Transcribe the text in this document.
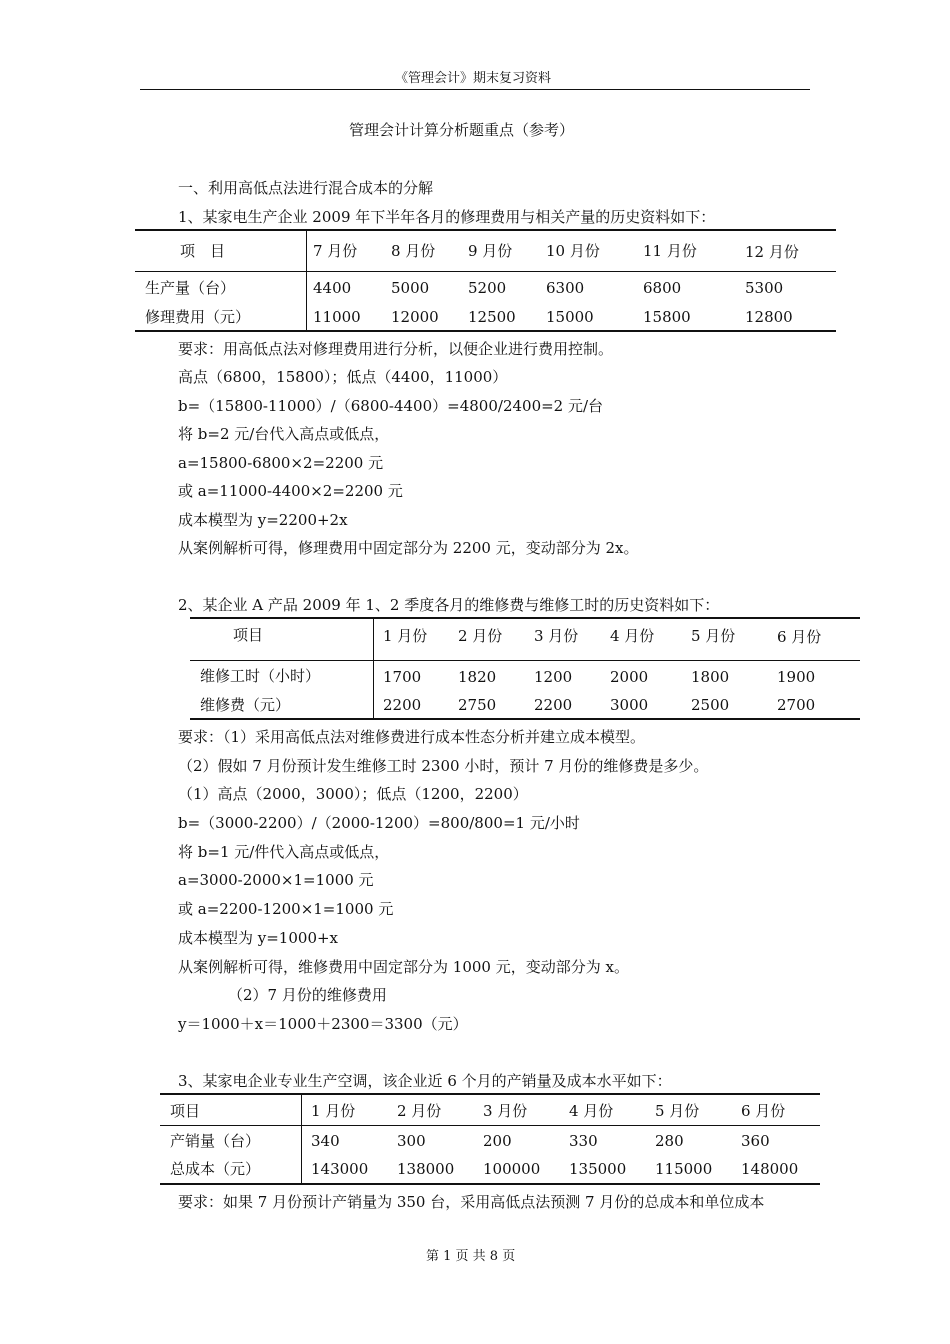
《管理会计》期末复习资料
管理会计计算分析题重点（参考）
一、利用高低点法进行混合成本的分解
1、某家电生产企业 2009 年下半年各月的修理费用与相关产量的历史资料如下：
项　目	7 月份 8 月份 9 月份 10 月份	11 月份	12 月份
生产量（台）	4400	5000	5200	6300	6800	5300
修理费用（元）	11000 12000 12500 15000	15800	12800
要求：用高低点法对修理费用进行分析，以便企业进行费用控制。
高点（6800，15800）；低点（4400，11000）
b=（15800-11000）/（6800-4400）=4800/2400=2 元/台
将 b=2 元/台代入高点或低点，
a=15800-6800×2=2200 元
或 a=11000-4400×2=2200 元
成本模型为 y=2200+2x
从案例解析可得，修理费用中固定部分为 2200 元，变动部分为 2x。
2、某企业 A 产品 2009 年 1、2 季度各月的维修费与维修工时的历史资料如下：
项目	1 月份 2 月份 3 月份 4 月份 5 月份	6 月份
维修工时（小时）	1700 1820	1200	2000	1800	1900
维修费（元）	2200 2750	2200	3000	2500	2700
要求：（1）采用高低点法对维修费进行成本性态分析并建立成本模型。
（2）假如 7 月份预计发生维修工时 2300 小时，预计 7 月份的维修费是多少。
（1）高点（2000，3000）；低点（1200，2200）
b=（3000-2200）/（2000-1200）=800/800=1 元/小时
将 b=1 元/件代入高点或低点，
a=3000-2000×1=1000 元
或 a=2200-1200×1=1000 元
成本模型为 y=1000+x
从案例解析可得，维修费用中固定部分为 1000 元，变动部分为 x。
（2）7 月份的维修费用
y＝1000＋x＝1000＋2300＝3300（元）
3、某家电企业专业生产空调，该企业近 6 个月的产销量及成本水平如下：
项目	1 月份	2 月份	3 月份	4 月份	5 月份	6 月份
产销量（台）	340	300	200	330	280	360
总成本（元）	143000 138000 100000 135000 115000 148000
要求：如果 7 月份预计产销量为 350 台，采用高低点法预测 7 月份的总成本和单位成本
第 1 页 共 8 页
